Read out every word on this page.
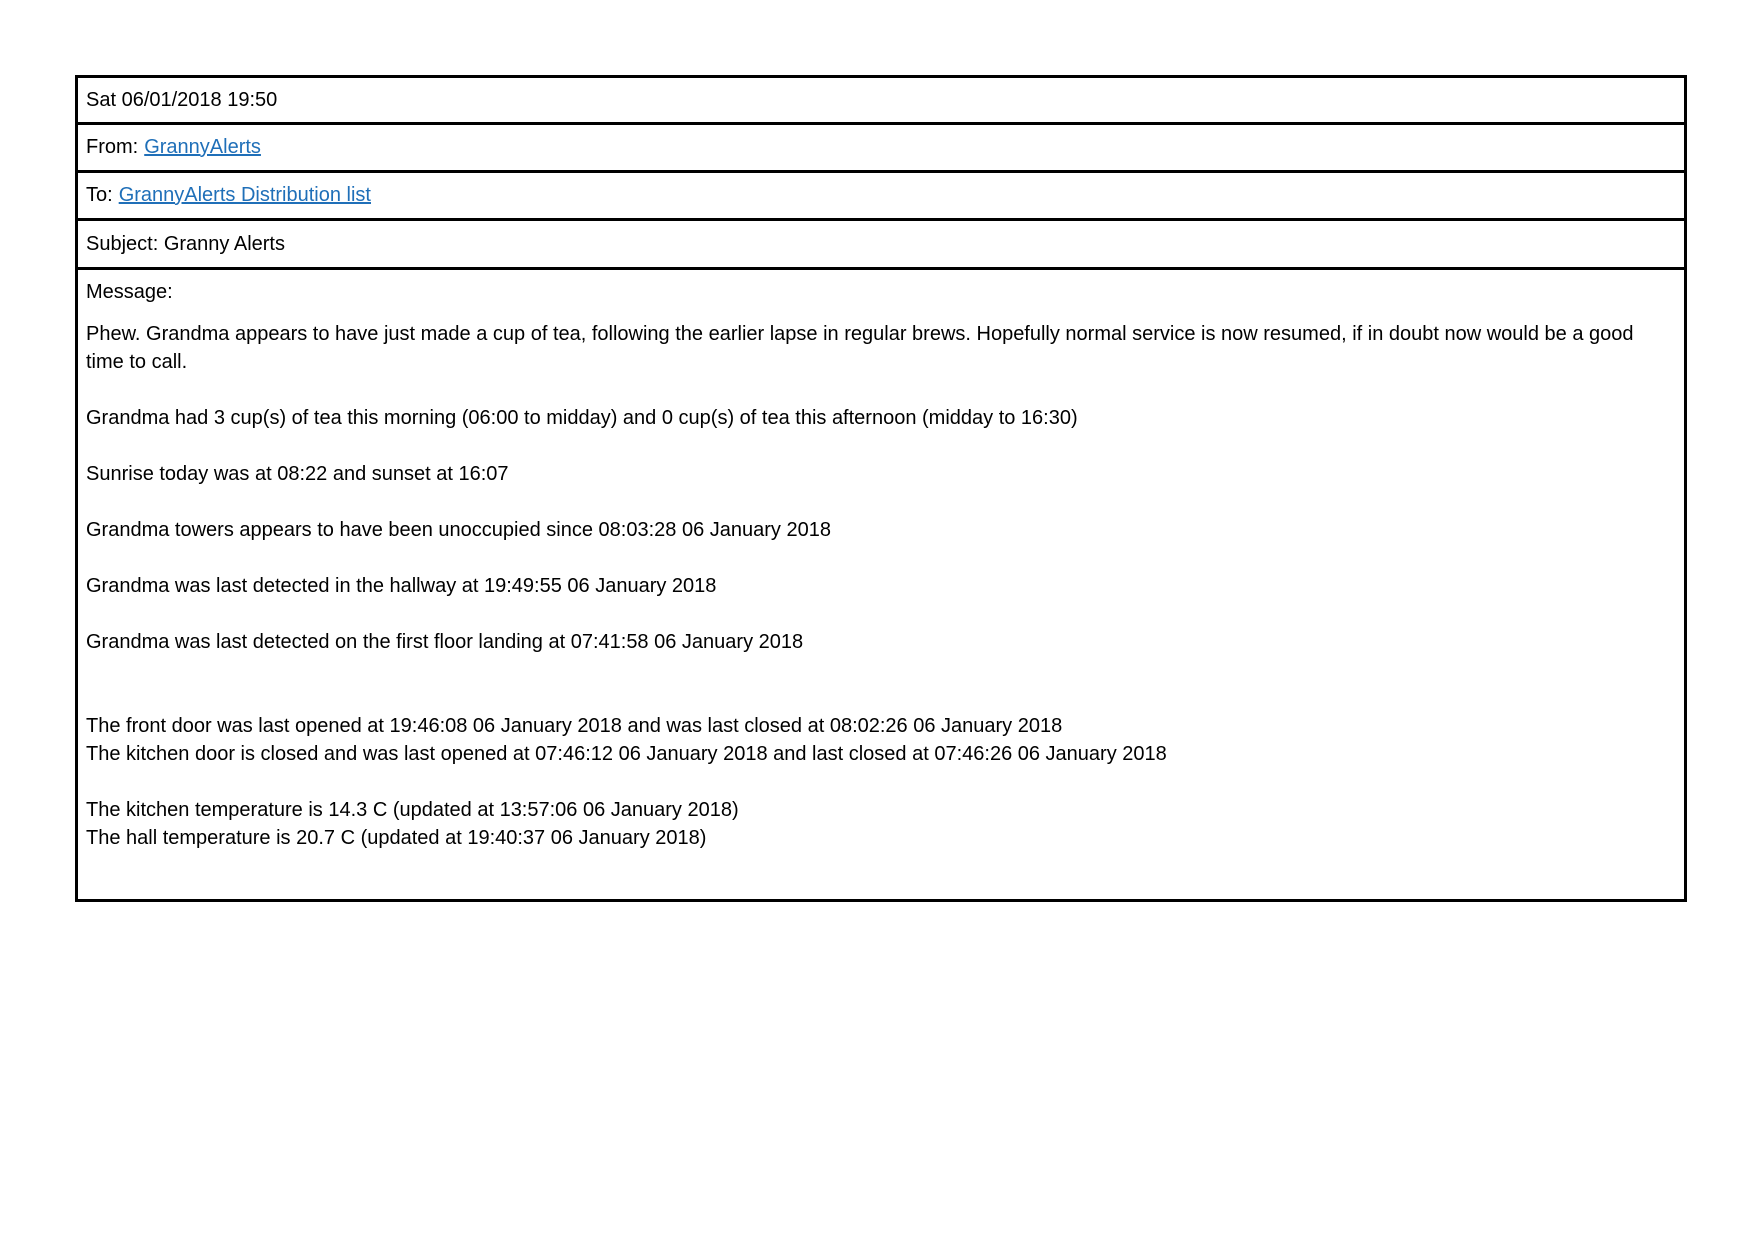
Sat 06/01/2018 19:50
From: GrannyAlerts
To: GrannyAlerts Distribution list
Subject: Granny Alerts

Message:

Phew. Grandma appears to have just made a cup of tea, following the earlier lapse in regular brews. Hopefully normal service is now resumed, if in doubt now would be a good time to call.

Grandma had 3 cup(s) of tea this morning (06:00 to midday) and 0 cup(s) of tea this afternoon (midday to 16:30)

Sunrise today was at 08:22 and sunset at 16:07

Grandma towers appears to have been unoccupied since 08:03:28 06 January 2018

Grandma was last detected in the hallway at 19:49:55 06 January 2018

Grandma was last detected on the first floor landing at 07:41:58 06 January 2018

The front door was last opened at 19:46:08 06 January 2018 and was last closed at 08:02:26 06 January 2018

The kitchen door is closed and was last opened at 07:46:12 06 January 2018 and last closed at 07:46:26 06 January 2018

The kitchen temperature is 14.3 C (updated at 13:57:06 06 January 2018)

The hall temperature is 20.7 C (updated at 19:40:37 06 January 2018)
